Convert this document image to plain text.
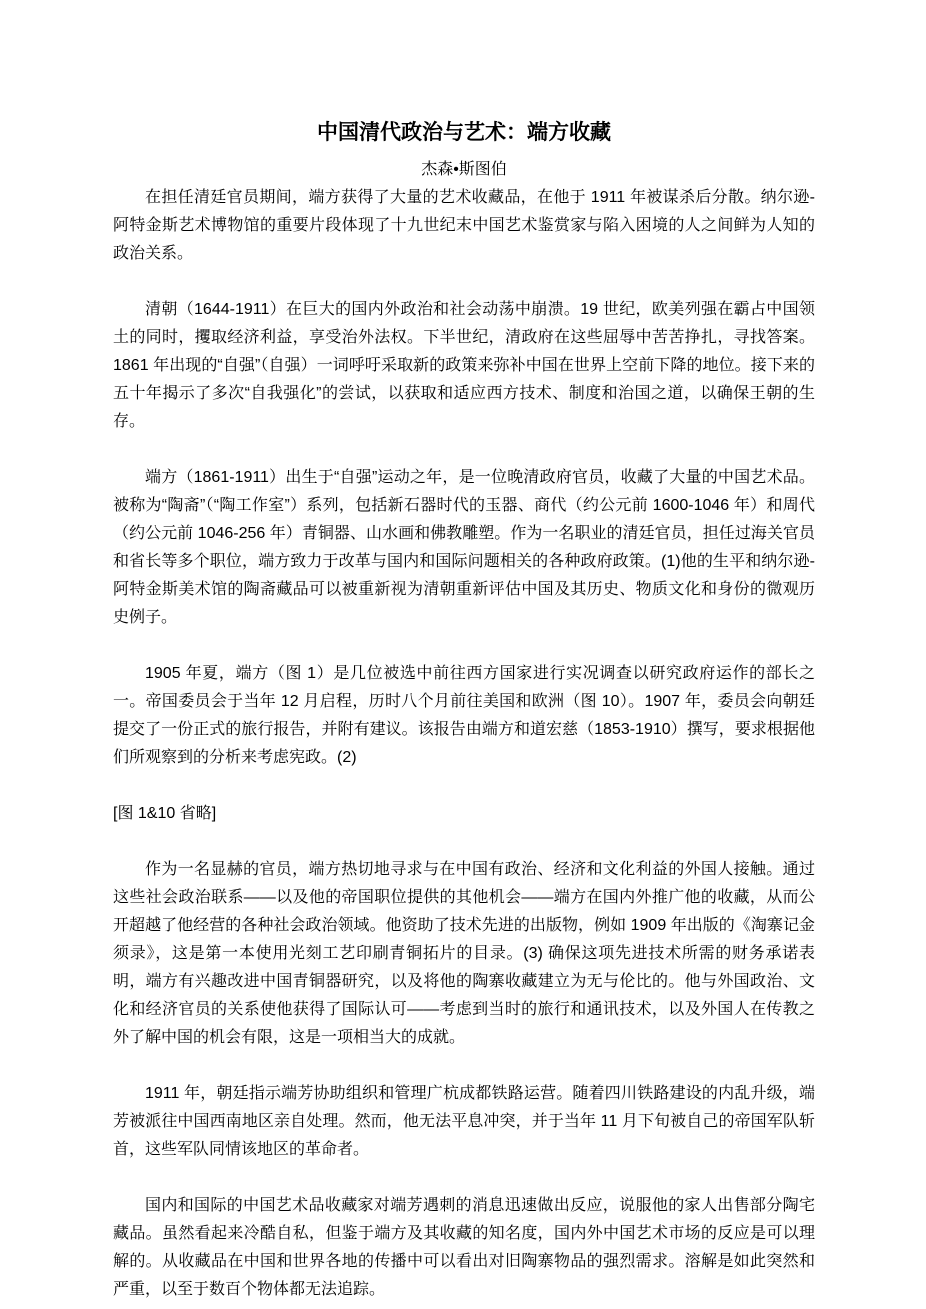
中国清代政治与艺术：端方收藏
杰森•斯图伯

在担任清廷官员期间，端方获得了大量的艺术收藏品，在他于 1911 年被谋杀后分散。纳尔逊-阿特金斯艺术博物馆的重要片段体现了十九世纪末中国艺术鉴赏家与陷入困境的人之间鲜为人知的政治关系。

清朝（1644-1911）在巨大的国内外政治和社会动荡中崩溃。19 世纪，欧美列强在霸占中国领土的同时，攫取经济利益，享受治外法权。下半世纪，清政府在这些屈辱中苦苦挣扎，寻找答案。1861 年出现的“自强”（自强）一词呼吁采取新的政策来弥补中国在世界上空前下降的地位。接下来的五十年揭示了多次“自我强化”的尝试，以获取和适应西方技术、制度和治国之道，以确保王朝的生存。

端方（1861-1911）出生于“自强”运动之年，是一位晚清政府官员，收藏了大量的中国艺术品。被称为“陶斋”（“陶工作室”）系列，包括新石器时代的玉器、商代（约公元前 1600-1046 年）和周代（约公元前 1046-256 年）青铜器、山水画和佛教雕塑。作为一名职业的清廷官员，担任过海关官员和省长等多个职位，端方致力于改革与国内和国际问题相关的各种政府政策。(1)他的生平和纳尔逊-阿特金斯美术馆的陶斋藏品可以被重新视为清朝重新评估中国及其历史、物质文化和身份的微观历史例子。

1905 年夏，端方（图 1）是几位被选中前往西方国家进行实况调查以研究政府运作的部长之一。帝国委员会于当年 12 月启程，历时八个月前往美国和欧洲（图 10）。1907 年，委员会向朝廷提交了一份正式的旅行报告，并附有建议。该报告由端方和道宏慈（1853-1910）撰写，要求根据他们所观察到的分析来考虑宪政。(2)

[图 1&10 省略]

作为一名显赫的官员，端方热切地寻求与在中国有政治、经济和文化利益的外国人接触。通过这些社会政治联系——以及他的帝国职位提供的其他机会——端方在国内外推广他的收藏，从而公开超越了他经营的各种社会政治领域。他资助了技术先进的出版物，例如 1909 年出版的《淘寨记金须录》，这是第一本使用光刻工艺印刷青铜拓片的目录。(3) 确保这项先进技术所需的财务承诺表明，端方有兴趣改进中国青铜器研究，以及将他的陶寨收藏建立为无与伦比的。他与外国政治、文化和经济官员的关系使他获得了国际认可——考虑到当时的旅行和通讯技术，以及外国人在传教之外了解中国的机会有限，这是一项相当大的成就。

1911 年，朝廷指示端芳协助组织和管理广杭成都铁路运营。随着四川铁路建设的内乱升级，端芳被派往中国西南地区亲自处理。然而，他无法平息冲突，并于当年 11 月下旬被自己的帝国军队斩首，这些军队同情该地区的革命者。

国内和国际的中国艺术品收藏家对端芳遇刺的消息迅速做出反应，说服他的家人出售部分陶宅藏品。虽然看起来冷酷自私，但鉴于端方及其收藏的知名度，国内外中国艺术市场的反应是可以理解的。从收藏品在中国和世界各地的传播中可以看出对旧陶寨物品的强烈需求。溶解是如此突然和严重，以至于数百个物体都无法追踪。
